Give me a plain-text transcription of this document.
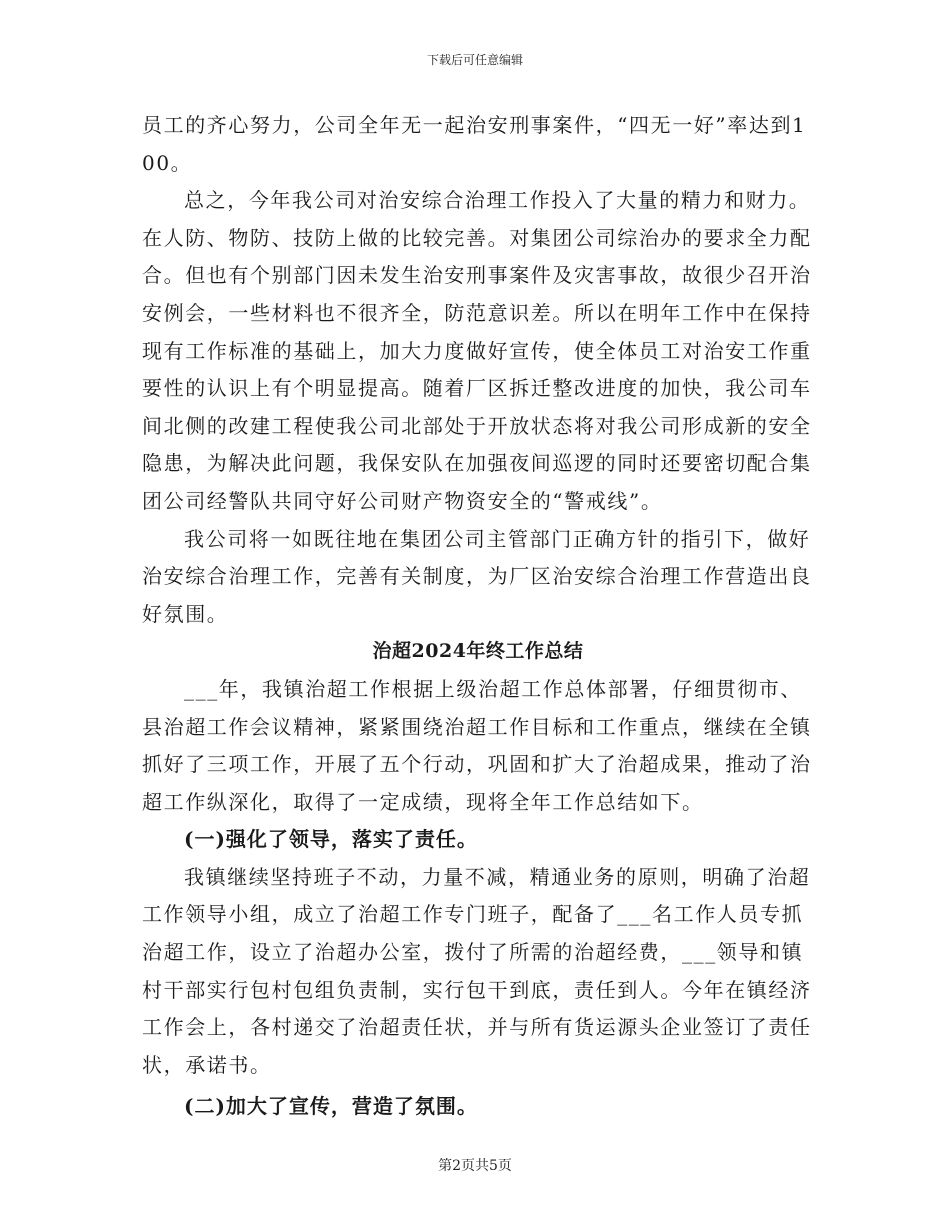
下载后可任意编辑

员工的齐心努力，公司全年无一起治安刑事案件，“四无一好”率达到100。

总之，今年我公司对治安综合治理工作投入了大量的精力和财力。在人防、物防、技防上做的比较完善。对集团公司综治办的要求全力配合。但也有个别部门因未发生治安刑事案件及灾害事故，故很少召开治安例会，一些材料也不很齐全，防范意识差。所以在明年工作中在保持现有工作标准的基础上，加大力度做好宣传，使全体员工对治安工作重要性的认识上有个明显提高。随着厂区拆迁整改进度的加快，我公司车间北侧的改建工程使我公司北部处于开放状态将对我公司形成新的安全隐患，为解决此问题，我保安队在加强夜间巡逻的同时还要密切配合集团公司经警队共同守好公司财产物资安全的“警戒线”。

我公司将一如既往地在集团公司主管部门正确方针的指引下，做好治安综合治理工作，完善有关制度，为厂区治安综合治理工作营造出良好氛围。

治超2024年终工作总结

___年，我镇治超工作根据上级治超工作总体部署，仔细贯彻市、县治超工作会议精神，紧紧围绕治超工作目标和工作重点，继续在全镇抓好了三项工作，开展了五个行动，巩固和扩大了治超成果，推动了治超工作纵深化，取得了一定成绩，现将全年工作总结如下。

(一)强化了领导，落实了责任。

我镇继续坚持班子不动，力量不减，精通业务的原则，明确了治超工作领导小组，成立了治超工作专门班子，配备了___名工作人员专抓治超工作，设立了治超办公室，拨付了所需的治超经费，___领导和镇村干部实行包村包组负责制，实行包干到底，责任到人。今年在镇经济工作会上，各村递交了治超责任状，并与所有货运源头企业签订了责任状，承诺书。

(二)加大了宣传，营造了氛围。

第2页共5页
